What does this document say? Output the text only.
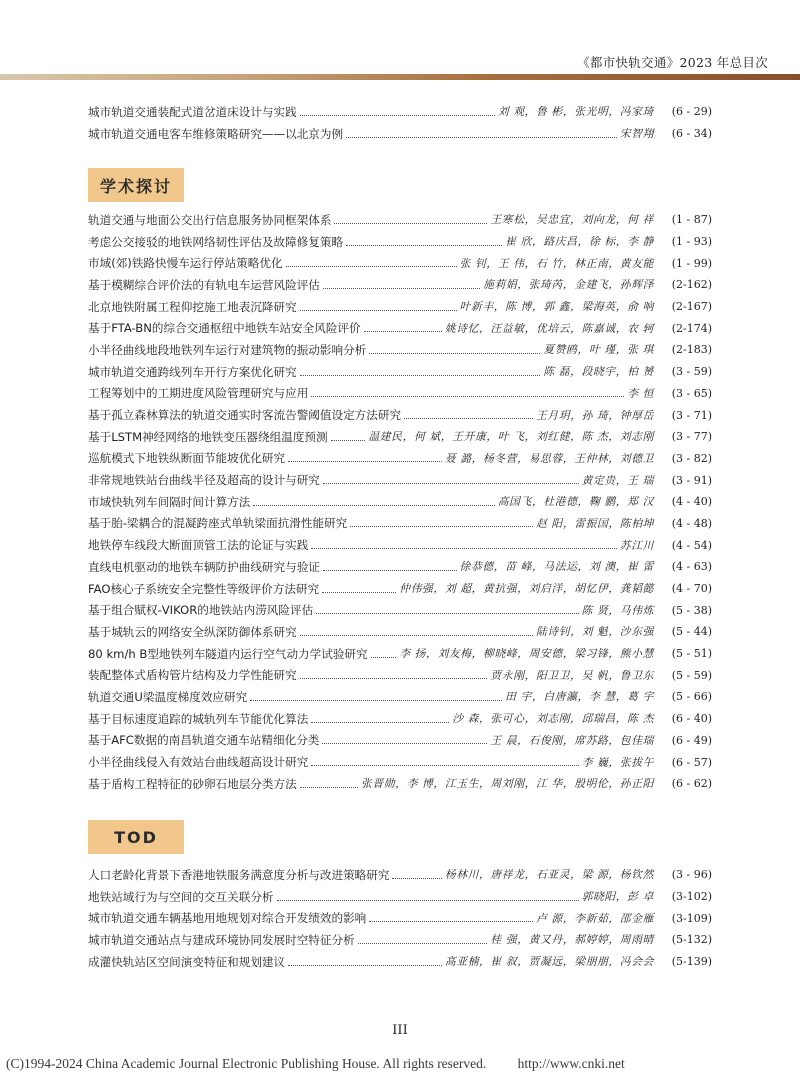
《都市快轨交通》2023 年总目次
城市轨道交通装配式道岔道床设计与实践	刘 观，鲁 彬，张光明，冯家琦	(6 - 29)
城市轨道交通电客车维修策略研究——以北京为例	宋智翔	(6 - 34)
学术探讨
轨道交通与地面公交出行信息服务协同框架体系	王寒松，吴忠宜，刘向龙，何 祥	(1 - 87)
考虑公交接驳的地铁网络韧性评估及故障修复策略	崔 欣，路庆昌，徐 标，李 静	(1 - 93)
市域(郊)铁路快慢车运行停站策略优化	张 钊，王 伟，石 竹，林正南，黄友能	(1 - 99)
基于模糊综合评价法的有轨电车运营风险评估	施莉娟，张琦芮，金建飞，孙辉泽	(2-162)
北京地铁附属工程仰挖施工地表沉降研究	叶新丰，陈 博，郭 鑫，梁海英，俞 响	(2-167)
基于FTA-BN的综合交通枢纽中地铁车站安全风险评价	姚诗忆，汪益敏，优培云，陈嘉诚，农 轲	(2-174)
小半径曲线地段地铁列车运行对建筑物的振动影响分析	夏赞鸥，叶 瑾，张 琪	(2-183)
城市轨道交通跨线列车开行方案优化研究	陈 磊，段晓宇，柏 赟	(3 - 59)
工程筹划中的工期进度风险管理研究与应用	李 恒	(3 - 65)
基于孤立森林算法的轨道交通实时客流告警阈值设定方法研究	王月玥，孙 琦，钟厚岳	(3 - 71)
基于LSTM神经网络的地铁变压器绕组温度预测	温建民，何 斌，王开康，叶 飞，刘红健，陈 杰，刘志刚	(3 - 77)
巡航模式下地铁纵断面节能坡优化研究	聂 潞，杨冬营，易思蓉，王仲林，刘德卫	(3 - 82)
非常规地铁站台曲线半径及超高的设计与研究	黄定贵，王 瑞	(3 - 91)
市域快轨列车间隔时间计算方法	高国飞，杜港德，鞠 鹏，郑 汉	(4 - 40)
基于胎-梁耦合的混凝跨座式单轨梁面抗滑性能研究	赵 阳，雷振国，陈柏坤	(4 - 48)
地铁停车线段大断面顶管工法的论证与实践	苏江川	(4 - 54)
直线电机驱动的地铁车辆防护曲线研究与验证	徐恭德，苗 峰，马法运，刘 澳，崔 雷	(4 - 63)
FAO核心子系统安全完整性等级评价方法研究	仲伟强，刘 超，黄抗强，刘启洋，胡忆伊，龚韬懿	(4 - 70)
基于组合赋权-VIKOR的地铁站内涝风险评估	陈 贤，马伟炼	(5 - 38)
基于城轨云的网络安全纵深防御体系研究	陆诗钊，刘 魁，沙东强	(5 - 44)
80 km/h B型地铁列车隧道内运行空气动力学试验研究	李 扬，刘友梅，柳晓峰，周安德，梁习锋，熊小慧	(5 - 51)
装配整体式盾构管片结构及力学性能研究	贾永刚，阳卫卫，吴 帆，鲁卫东	(5 - 59)
轨道交通U梁温度梯度效应研究	田 宇，白唐瀛，李 慧，葛 宇	(5 - 66)
基于目标速度追踪的城轨列车节能优化算法	沙 森，张可心，刘志刚，邱瑞昌，陈 杰	(6 - 40)
基于AFC数据的南昌轨道交通车站精细化分类	王 晨，石俊刚，席苏路，包佳瑞	(6 - 49)
小半径曲线侵入有效站台曲线超高设计研究	李 巍，张拔午	(6 - 57)
基于盾构工程特征的砂卵石地层分类方法	张晋勋，李 博，江玉生，周刘刚，江 华，殷明伦，孙正阳	(6 - 62)
TOD
人口老龄化背景下香港地铁服务满意度分析与改进策略研究	杨林川，唐祥龙，石亚灵，梁 源，杨钦然	(3 - 96)
地铁站域行为与空间的交互关联分析	郭晓阳，彭 卓	(3-102)
城市轨道交通车辆基地用地规划对综合开发绩效的影响	卢 源，李新茹，邵金雁	(3-109)
城市轨道交通站点与建成环境协同发展时空特征分析	桂 强，黄又丹，郝婷婷，周雨晴	(5-132)
成灌快轨站区空间演变特征和规划建议	高亚楠，崔 叙，贾凝远，梁朋朋，冯会会	(5-139)
III
(C)1994-2024 China Academic Journal Electronic Publishing House. All rights reserved. http://www.cnki.net
